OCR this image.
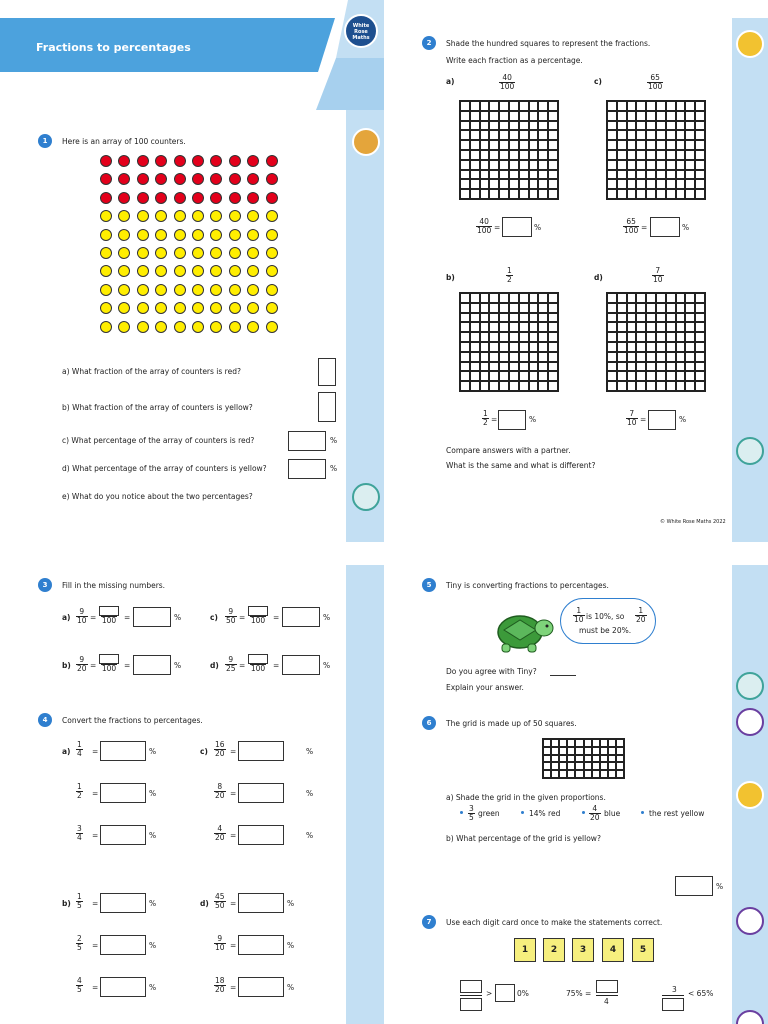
Fractions to percentages
White
Rose
Maths
1	Here is an array of 100 counters.
a) What fraction of the array of counters is red?
b) What fraction of the array of counters is yellow?
c) What percentage of the array of counters is red?	%
d) What percentage of the array of counters is yellow?	%
e) What do you notice about the two percentages?
2	Shade the hundred squares to represent the fractions.
Write each fraction as a percentage.
a)	$\frac{40}{100}$
$\frac{40}{100}$ =	%
c)	$\frac{65}{100}$
$\frac{65}{100}$ =	%
b)	$\frac{1}{2}$
$\frac{1}{2}$ =	%
d)	$\frac{7}{10}$
$\frac{7}{10}$ =	%
Compare answers with a partner.
What is the same and what is different?
© White Rose Maths 2022
3	Fill in the missing numbers.
$a) \frac{9}{10} = 100$ =	%	$c) \frac{9}{50} = 100$ =	%
$b) \frac{9}{20} = 100$ =	%	$d) \frac{9}{25} = 100$ =	%
4	Convert the fractions to percentages.
$a) \frac{1}{4}$ =	%
$\frac{1}{2}$ =	%
$\frac{3}{4}$ =	%
$c) \frac{16}{20}$ =	%
$\frac{8}{20}$ =	%
$\frac{4}{20}$ =	%
$b) \frac{1}{5}$ =	%
$\frac{2}{5}$ =	%
$\frac{4}{5}$ =	%
$d) \frac{45}{50}$ =	%
$\frac{9}{10}$ =	%
$\frac{18}{20}$ =	%
5	Tiny is converting fractions to percentages.
$\frac{1}{10}$ is 10%, so $\frac{1}{20}$
must be 20%.
Do you agree with Tiny?
Explain your answer.
6	The grid is made up of 50 squares.
a) Shade the grid in the given proportions.
$\frac{3}{5}$ green	14% red	$\frac{4}{20}$ blue	the rest yellow
b) What percentage of the grid is yellow?
%
7	Use each digit card once to make the statements correct.
1	2	3	4	5
>	0%	75% =
4
3 < 65%
